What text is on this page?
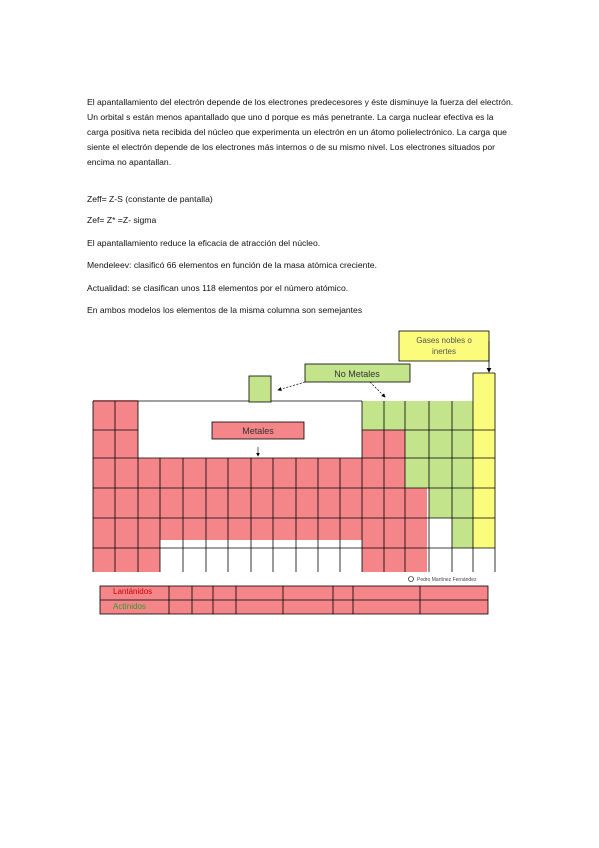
El apantallamiento del electrón depende de los electrones predecesores y éste disminuye la fuerza del electrón. Un orbital s están menos apantallado que uno d porque es más penetrante. La carga nuclear efectiva es la carga positiva neta recibida del núcleo que experimenta un electrón en un átomo polielectrónico. La carga que siente el electrón depende de los electrones más internos o de su mismo nivel. Los electrones situados por encima no apantallan.

Zeff= Z-S (constante de pantalla)

Zef= Z* =Z- sigma

El apantallamiento reduce la eficacia de atracción del núcleo.

Mendeleev: clasificó 66 elementos en función de la masa atómica creciente.

Actualidad: se clasifican unos 118 elementos por el número atómico.

En ambos modelos los elementos de la misma columna son semejantes

Gases nobles o
inertes
No Metales
Metales
Pedro Martínez Fernández
Lantánidos
Actínidos
